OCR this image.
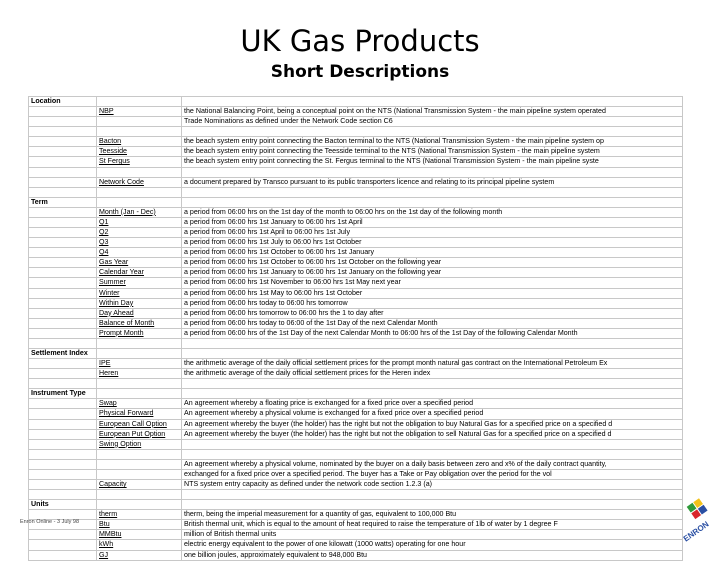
UK Gas Products
Short Descriptions
Location		
	NBP	the National Balancing Point, being a conceptual point on the NTS (National Transmission System - the main pipeline system operated
		Trade Nominations as defined under the Network Code section C6

	Bacton	the beach system entry point connecting the Bacton terminal to the NTS (National Transmission System - the main pipeline system op
	Teesside	the beach system entry point connecting the Teesside terminal to the NTS (National Transmission System - the main pipeline system
	St Fergus	the beach system entry point connecting the St. Fergus terminal to the NTS (National Transmission System - the main pipeline syste

	Network Code	a document prepared by Transco pursuant to its public transporters licence and relating to its principal pipeline system

Term		
	Month (Jan - Dec)	a period from 06:00 hrs on the 1st day of the month to 06:00 hrs on the 1st day of the following month
	Q1	a period from 06:00 hrs 1st January to 06:00 hrs 1st April
	Q2	a period from 06:00 hrs 1st April to 06:00 hrs 1st July
	Q3	a period from 06:00 hrs 1st July to 06:00 hrs 1st October
	Q4	a period from 06:00 hrs 1st October to 06:00 hrs 1st January
	Gas Year	a period from 06:00 hrs 1st October to 06:00 hrs 1st October on the following year
	Calendar Year	a period from 06:00 hrs 1st January to 06:00 hrs 1st January on the following year
	Summer	a period from 06:00 hrs 1st November to 06:00 hrs 1st May next year
	Winter	a period from 06:00 hrs 1st May to 06:00 hrs 1st October
	Within Day	a period from 06:00 hrs today to 06:00 hrs tomorrow
	Day Ahead	a period from 06:00 hrs tomorrow to 06:00 hrs the 1 to day after
	Balance of Month	a period from 06:00 hrs today to 06:00 of the 1st Day of the next Calendar Month
	Prompt Month	a period from 06:00 hrs of the 1st Day of the next Calendar Month to 06:00 hrs of the 1st Day of the following Calendar Month

Settlement Index		
	IPE	the arithmetic average of the daily official settlement prices for the prompt month natural gas contract on the International Petroleum Ex
	Heren	the arithmetic average of the daily official settlement prices for the Heren index

Instrument Type		
	Swap	An agreement whereby a floating price is exchanged for a fixed price over a specified period
	Physical Forward	An agreement whereby a physical volume is exchanged for a fixed price over a specified period
	European Call Option	An agreement whereby the buyer (the holder) has the right but not the obligation to buy Natural Gas for a specified price on a specified d
	European Put Option	An agreement whereby the buyer (the holder) has the right but not the obligation to sell Natural Gas for a specified price on a specified d
	Swing Option	

		An agreement whereby a physical volume, nominated by the buyer on a daily basis between zero and x% of the daily contract quantity,
		exchanged for a fixed price over a specified period. The buyer has a Take or Pay obligation over the period for the vol
	Capacity	NTS system entry capacity as defined under the network code section 1.2.3 (a)

Units		
	therm	therm, being the imperial measurement for a quantity of gas, equivalent to 100,000 Btu
	Btu	British thermal unit, which is equal to the amount of heat required to raise the temperature of 1lb of water by 1 degree F
	MMBtu	million of British thermal units
	kWh	electric energy equivalent to the power of one kilowatt (1000 watts) operating for one hour
	GJ	one billion joules, approximately equivalent to 948,000 Btu
Enron Online - 3 July 98	ENRON
